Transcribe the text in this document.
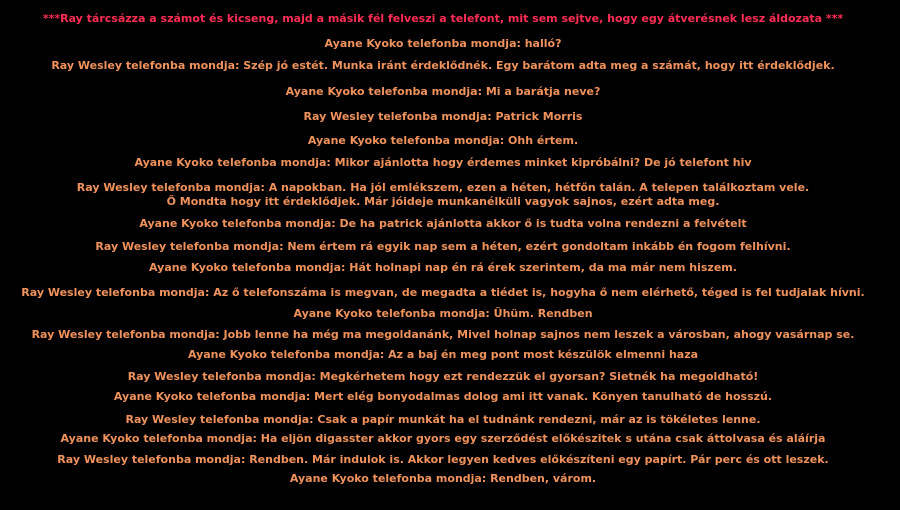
***Ray tárcsázza a számot és kicseng, majd a másik fél felveszi a telefont, mit sem sejtve, hogy egy átverésnek lesz áldozata ***
Ayane Kyoko telefonba mondja: halló?
Ray Wesley telefonba mondja: Szép jó estét. Munka iránt érdeklődnék. Egy barátom adta meg a számát, hogy itt érdeklődjek.
Ayane Kyoko telefonba mondja: Mi a barátja neve?
Ray Wesley telefonba mondja: Patrick Morris
Ayane Kyoko telefonba mondja: Ohh értem.
Ayane Kyoko telefonba mondja: Mikor ajánlotta hogy érdemes minket kipróbálni? De jó telefont hiv
Ray Wesley telefonba mondja: A napokban. Ha jól emlékszem, ezen a héten, hétfőn talán. A telepen találkoztam vele. Ő Mondta hogy itt érdeklődjek. Már jóideje munkanélküli vagyok sajnos, ezért adta meg.
Ayane Kyoko telefonba mondja: De ha patrick ajánlotta akkor ő is tudta volna rendezni a felvételt
Ray Wesley telefonba mondja: Nem értem rá egyik nap sem a héten, ezért gondoltam inkább én fogom felhívni.
Ayane Kyoko telefonba mondja: Hát holnapi nap én rá érek szerintem, da ma már nem hiszem.
Ray Wesley telefonba mondja: Az ő telefonszáma is megvan, de megadta a tiédet is, hogyha ő nem elérhető, téged is fel tudjalak hívni.
Ayane Kyoko telefonba mondja: Ühüm. Rendben
Ray Wesley telefonba mondja: Jobb lenne ha még ma megoldanánk, Mivel holnap sajnos nem leszek a városban, ahogy vasárnap se.
Ayane Kyoko telefonba mondja: Az a baj én meg pont most készülök elmenni haza
Ray Wesley telefonba mondja: Megkérhetem hogy ezt rendezzük el gyorsan? Sietnék ha megoldható!
Ayane Kyoko telefonba mondja: Mert elég bonyodalmas dolog ami itt vanak. Könyen tanulható de hosszú.
Ray Wesley telefonba mondja: Csak a papír munkát ha el tudnánk rendezni, már az is tökéletes lenne.
Ayane Kyoko telefonba mondja: Ha eljön digasster akkor gyors egy szerződést előkészitek s utána csak áttolvasa és aláírja
Ray Wesley telefonba mondja: Rendben. Már indulok is. Akkor legyen kedves előkészíteni egy papírt. Pár perc és ott leszek.
Ayane Kyoko telefonba mondja: Rendben, várom.
